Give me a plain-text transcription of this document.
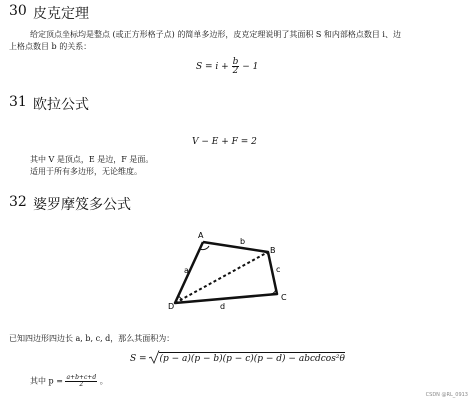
30 皮克定理
给定顶点坐标均是整点 (或正方形格子点) 的简单多边形，皮克定理说明了其面积 S 和内部格点数目 i、边
上格点数目 b 的关系：
$S = i + \frac{b}{2} - 1$
31 欧拉公式
V − E + F = 2
其中 V 是顶点，E 是边，F 是面。
适用于所有多边形，无论维度。
32 婆罗摩笈多公式
A
B
C
D
a
b
c
d
已知四边形四边长 a, b, c, d，那么其面积为：
S = (p − a)(p − b)(p − c)(p − d) − abcdcos²θ
其中 $p = \frac{a+b+c+d}{2}$ 。
CSDN @RL_0913
